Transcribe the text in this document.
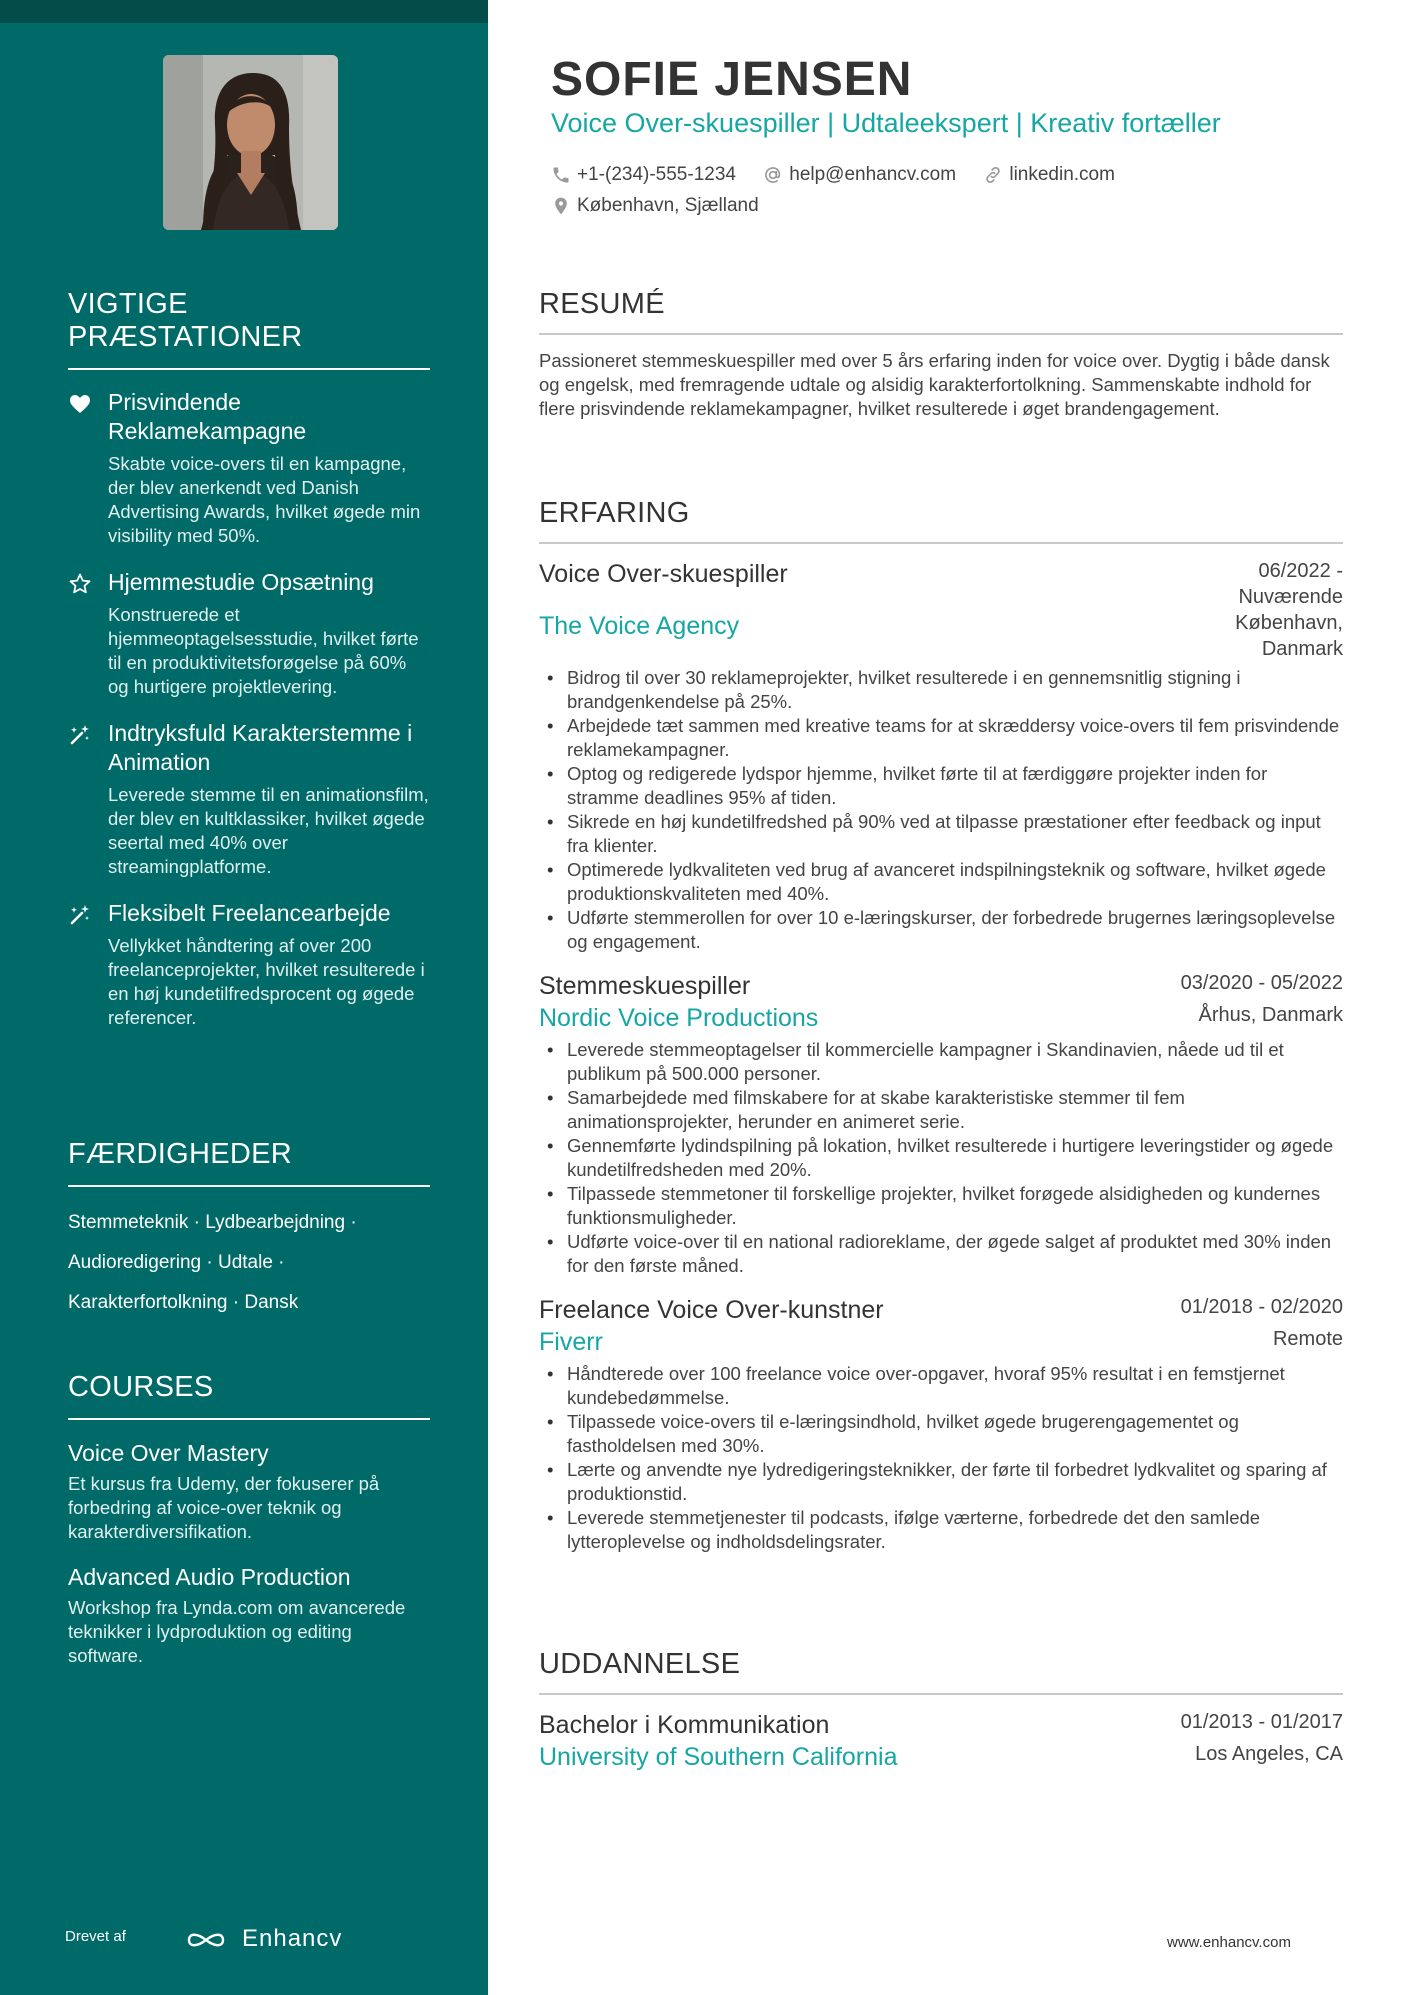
VIGTIGE PRÆSTATIONER
Prisvindende Reklamekampagne
Skabte voice-overs til en kampagne, der blev anerkendt ved Danish Advertising Awards, hvilket øgede min visibility med 50%.
Hjemmestudie Opsætning
Konstruerede et hjemmeoptagelsesstudie, hvilket førte til en produktivitetsforøgelse på 60% og hurtigere projektlevering.
Indtryksfuld Karakterstemme i Animation
Leverede stemme til en animationsfilm, der blev en kultklassiker, hvilket øgede seertal med 40% over streamingplatforme.
Fleksibelt Freelancearbejde
Vellykket håndtering af over 200 freelanceprojekter, hvilket resulterede i en høj kundetilfredsprocent og øgede referencer.
FÆRDIGHEDER
Stemmeteknik · Lydbearbejdning ·
Audioredigering · Udtale ·
Karakterfortolkning · Dansk
COURSES
Voice Over Mastery
Et kursus fra Udemy, der fokuserer på forbedring af voice-over teknik og karakterdiversifikation.
Advanced Audio Production
Workshop fra Lynda.com om avancerede teknikker i lydproduktion og editing software.
Drevet af	Enhancv
SOFIE JENSEN
Voice Over-skuespiller | Udtaleekspert | Kreativ fortæller
+1-(234)-555-1234
	help@enhancv.com
	linkedin.com
København, Sjælland
RESUMÉ

Passioneret stemmeskuespiller med over 5 års erfaring inden for voice over. Dygtig i både dansk og engelsk, med fremragende udtale og alsidig karakterfortolkning. Sammenskabte indhold for flere prisvindende reklamekampagner, hvilket resulterede i øget brandengagement.

ERFARING
Voice Over-skuespiller	06/2022 -
Nuværende
The Voice Agency	København,
Danmark
• Bidrog til over 30 reklameprojekter, hvilket resulterede i en gennemsnitlig stigning i brandgenkendelse på 25%.
• Arbejdede tæt sammen med kreative teams for at skræddersy voice-overs til fem prisvindende reklamekampagner.
• Optog og redigerede lydspor hjemme, hvilket førte til at færdiggøre projekter inden for stramme deadlines 95% af tiden.
• Sikrede en høj kundetilfredshed på 90% ved at tilpasse præstationer efter feedback og input fra klienter.
• Optimerede lydkvaliteten ved brug af avanceret indspilningsteknik og software, hvilket øgede produktionskvaliteten med 40%.
• Udførte stemmerollen for over 10 e-læringskurser, der forbedrede brugernes læringsoplevelse og engagement.
Stemmeskuespiller	03/2020 - 05/2022
Nordic Voice Productions	Århus, Danmark
• Leverede stemmeoptagelser til kommercielle kampagner i Skandinavien, nåede ud til et publikum på 500.000 personer.
• Samarbejdede med filmskabere for at skabe karakteristiske stemmer til fem animationsprojekter, herunder en animeret serie.
• Gennemførte lydindspilning på lokation, hvilket resulterede i hurtigere leveringstider og øgede kundetilfredsheden med 20%.
• Tilpassede stemmetoner til forskellige projekter, hvilket forøgede alsidigheden og kundernes funktionsmuligheder.
• Udførte voice-over til en national radioreklame, der øgede salget af produktet med 30% inden for den første måned.
Freelance Voice Over-kunstner	01/2018 - 02/2020
Fiverr	Remote
• Håndterede over 100 freelance voice over-opgaver, hvoraf 95% resultat i en femstjernet kundebedømmelse.
• Tilpassede voice-overs til e-læringsindhold, hvilket øgede brugerengagementet og fastholdelsen med 30%.
• Lærte og anvendte nye lydredigeringsteknikker, der førte til forbedret lydkvalitet og sparing af produktionstid.
• Leverede stemmetjenester til podcasts, ifølge værterne, forbedrede det den samlede lytteroplevelse og indholdsdelingsrater.
UDDANNELSE
Bachelor i Kommunikation	01/2013 - 01/2017
University of Southern California	Los Angeles, CA
www.enhancv.com
